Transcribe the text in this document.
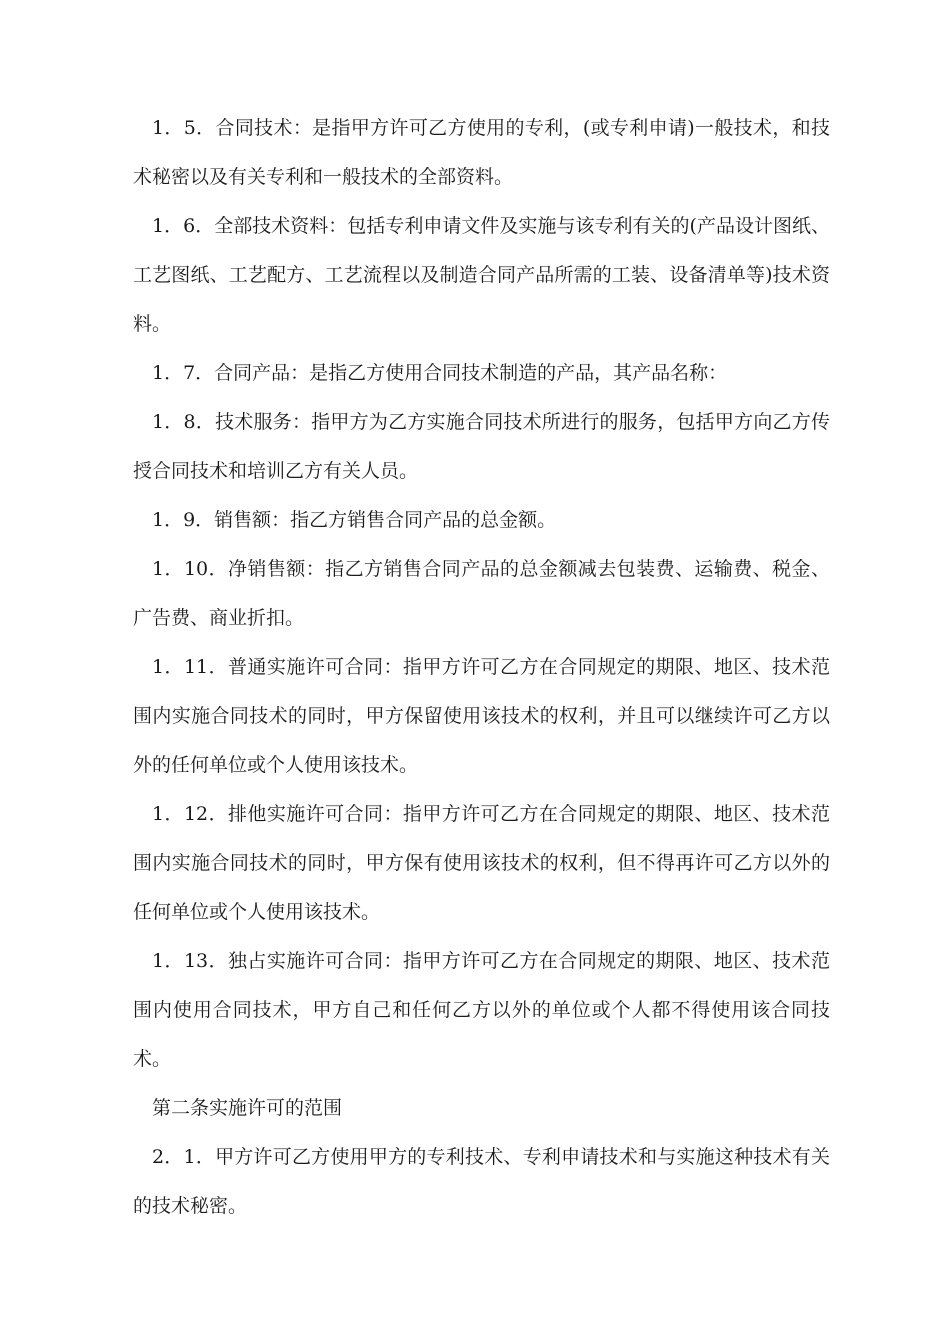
1．5．合同技术：是指甲方许可乙方使用的专利，(或专利申请)一般技术，和技术秘密以及有关专利和一般技术的全部资料。

1．6．全部技术资料：包括专利申请文件及实施与该专利有关的(产品设计图纸、工艺图纸、工艺配方、工艺流程以及制造合同产品所需的工装、设备清单等)技术资料。

1．7．合同产品：是指乙方使用合同技术制造的产品，其产品名称：

1．8．技术服务：指甲方为乙方实施合同技术所进行的服务，包括甲方向乙方传授合同技术和培训乙方有关人员。

1．9．销售额：指乙方销售合同产品的总金额。

1．10．净销售额：指乙方销售合同产品的总金额减去包装费、运输费、税金、广告费、商业折扣。

1．11．普通实施许可合同：指甲方许可乙方在合同规定的期限、地区、技术范围内实施合同技术的同时，甲方保留使用该技术的权利，并且可以继续许可乙方以外的任何单位或个人使用该技术。

1．12．排他实施许可合同：指甲方许可乙方在合同规定的期限、地区、技术范围内实施合同技术的同时，甲方保有使用该技术的权利，但不得再许可乙方以外的任何单位或个人使用该技术。

1．13．独占实施许可合同：指甲方许可乙方在合同规定的期限、地区、技术范围内使用合同技术，甲方自己和任何乙方以外的单位或个人都不得使用该合同技术。

第二条实施许可的范围

2．1．甲方许可乙方使用甲方的专利技术、专利申请技术和与实施这种技术有关的技术秘密。
